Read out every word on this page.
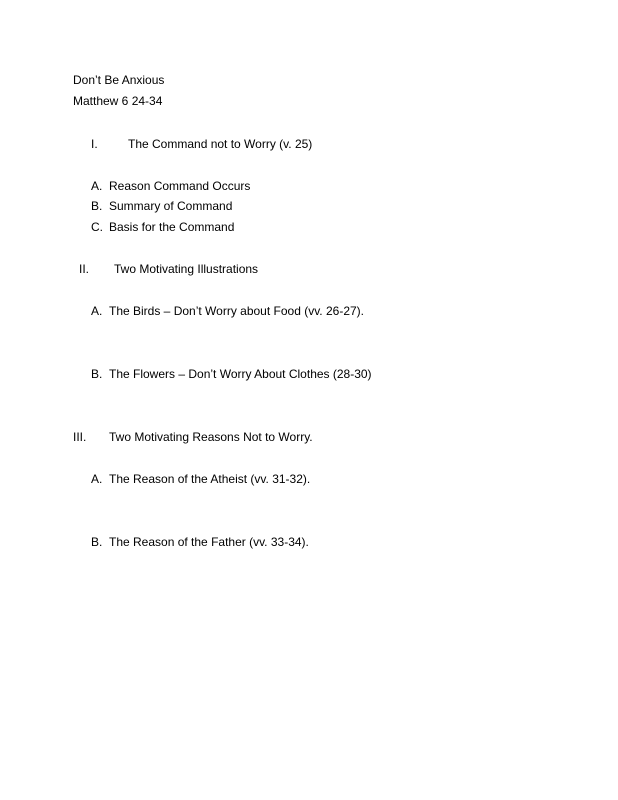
Don’t Be Anxious
Matthew 6 24-34
I.	The Command not to Worry (v. 25)
A. Reason Command Occurs
B. Summary of Command
C. Basis for the Command
II. Two Motivating Illustrations
A. The Birds – Don’t Worry about Food (vv. 26-27).
B. The Flowers – Don’t Worry About Clothes (28-30)
III. Two Motivating Reasons Not to Worry.
A. The Reason of the Atheist (vv. 31-32).
B. The Reason of the Father (vv. 33-34).
